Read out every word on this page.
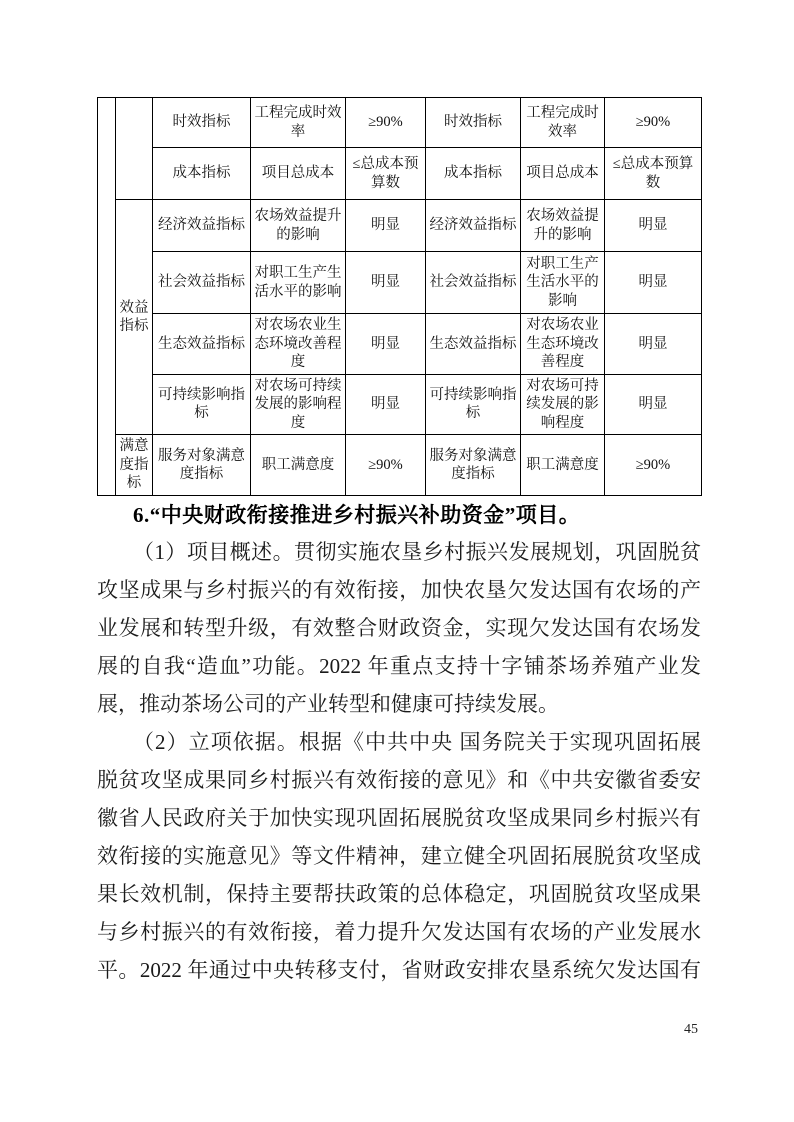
		时效指标	工程完成时效率	≥90%	时效指标	工程完成时效率	≥90%
		成本指标	项目总成本	≤总成本预算数	成本指标	项目总成本	≤总成本预算数
	效益指标	经济效益指标	农场效益提升的影响	明显	经济效益指标	农场效益提升的影响	明显
		社会效益指标	对职工生产生活水平的影响	明显	社会效益指标	对职工生产生活水平的影响	明显
		生态效益指标	对农场农业生态环境改善程度	明显	生态效益指标	对农场农业生态环境改善程度	明显
		可持续影响指标	对农场可持续发展的影响程度	明显	可持续影响指标	对农场可持续发展的影响程度	明显
	满意度指标	服务对象满意度指标	职工满意度	≥90%	服务对象满意度指标	职工满意度	≥90%
6.“中央财政衔接推进乡村振兴补助资金”项目。
（1）项目概述。贯彻实施农垦乡村振兴发展规划，巩固脱贫
攻坚成果与乡村振兴的有效衔接，加快农垦欠发达国有农场的产
业发展和转型升级，有效整合财政资金，实现欠发达国有农场发
展的自我“造血”功能。2022 年重点支持十字铺茶场养殖产业发
展，推动茶场公司的产业转型和健康可持续发展。
（2）立项依据。根据《中共中央 国务院关于实现巩固拓展
脱贫攻坚成果同乡村振兴有效衔接的意见》和《中共安徽省委安
徽省人民政府关于加快实现巩固拓展脱贫攻坚成果同乡村振兴有
效衔接的实施意见》等文件精神，建立健全巩固拓展脱贫攻坚成
果长效机制，保持主要帮扶政策的总体稳定，巩固脱贫攻坚成果
与乡村振兴的有效衔接，着力提升欠发达国有农场的产业发展水
平。2022 年通过中央转移支付，省财政安排农垦系统欠发达国有
45
